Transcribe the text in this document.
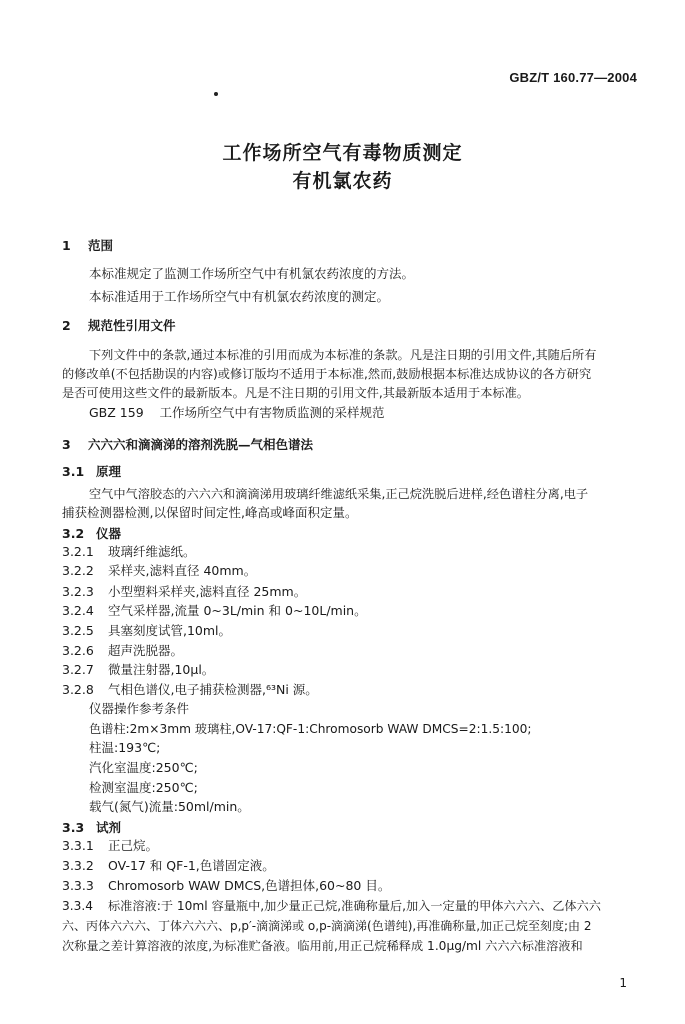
GBZ/T 160.77—2004
工作场所空气有毒物质测定
有机氯农药
1 范围
本标准规定了监测工作场所空气中有机氯农药浓度的方法。
本标准适用于工作场所空气中有机氯农药浓度的测定。
2 规范性引用文件
下列文件中的条款,通过本标准的引用而成为本标准的条款。凡是注日期的引用文件,其随后所有
的修改单(不包括勘误的内容)或修订版均不适用于本标准,然而,鼓励根据本标准达成协议的各方研究
是否可使用这些文件的最新版本。凡是不注日期的引用文件,其最新版本适用于本标准。
GBZ 159    工作场所空气中有害物质监测的采样规范
3 六六六和滴滴涕的溶剂洗脱—气相色谱法
3.1 原理
空气中气溶胶态的六六六和滴滴涕用玻璃纤维滤纸采集,正己烷洗脱后进样,经色谱柱分离,电子
捕获检测器检测,以保留时间定性,峰高或峰面积定量。
3.2 仪器
3.2.1 玻璃纤维滤纸。
3.2.2 采样夹,滤料直径 40mm。
3.2.3 小型塑料采样夹,滤料直径 25mm。
3.2.4 空气采样器,流量 0~3L/min 和 0~10L/min。
3.2.5 具塞刻度试管,10ml。
3.2.6 超声洗脱器。
3.2.7 微量注射器,10μl。
3.2.8 气相色谱仪,电子捕获检测器,⁶³Ni 源。
仪器操作参考条件
色谱柱:2m×3mm 玻璃柱,OV-17:QF-1:Chromosorb WAW DMCS=2:1.5:100;
柱温:193℃;
汽化室温度:250℃;
检测室温度:250℃;
载气(氮气)流量:50ml/min。
3.3 试剂
3.3.1 正己烷。
3.3.2 OV-17 和 QF-1,色谱固定液。
3.3.3 Chromosorb WAW DMCS,色谱担体,60~80 目。
3.3.4 标准溶液:于 10ml 容量瓶中,加少量正己烷,准确称量后,加入一定量的甲体六六六、乙体六六
六、丙体六六六、丁体六六六、p,p′-滴滴涕或 o,p-滴滴涕(色谱纯),再准确称量,加正己烷至刻度;由 2
次称量之差计算溶液的浓度,为标准贮备液。临用前,用正己烷稀释成 1.0μg/ml 六六六标准溶液和
1
